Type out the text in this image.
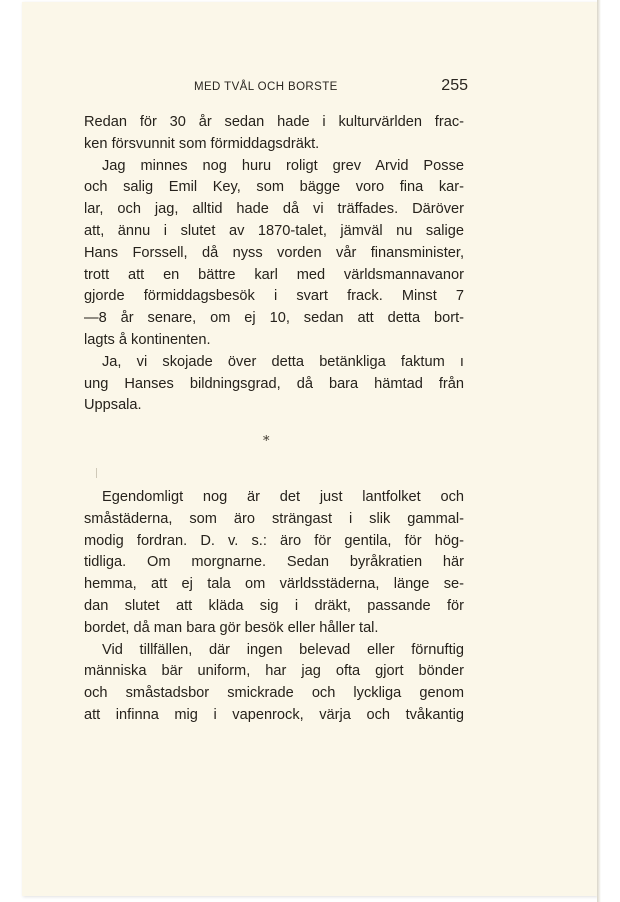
MED TVÅL OCH BORSTE	255
Redan för 30 år sedan hade i kulturvärlden frac-
ken försvunnit som förmiddagsdräkt.
Jag minnes nog huru roligt grev Arvid Posse
och salig Emil Key, som bägge voro fina kar-
lar, och jag, alltid hade då vi träffades. Däröver
att, ännu i slutet av 1870-talet, jämväl nu salige
Hans Forssell, då nyss vorden vår finansminister,
trott att en bättre karl med världsmannavanor
gjorde förmiddagsbesök i svart frack. Minst 7
—8 år senare, om ej 10, sedan att detta bort-
lagts å kontinenten.
Ja, vi skojade över detta betänkliga faktum ı
ung Hanses bildningsgrad, då bara hämtad från
Uppsala.
*
Egendomligt nog är det just lantfolket och
småstäderna, som äro strängast i slik gammal-
modig fordran. D. v. s.: äro för gentila, för hög-
tidliga. Om morgnarne. Sedan byråkratien här
hemma, att ej tala om världsstäderna, länge se-
dan slutet att kläda sig i dräkt, passande för
bordet, då man bara gör besök eller håller tal.
Vid tillfällen, där ingen belevad eller förnuftig
människa bär uniform, har jag ofta gjort bönder
och småstadsbor smickrade och lyckliga genom
att infinna mig i vapenrock, värja och tvåkantig
